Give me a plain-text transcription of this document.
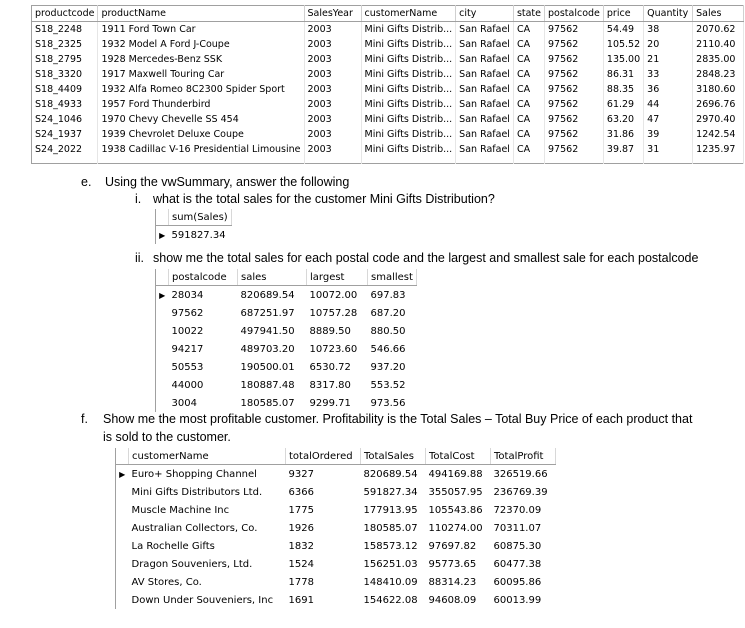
productcode	productName	SalesYear	customerName	city	state	postalcode	price	Quantity	Sales
S18_2248	1911 Ford Town Car	2003	Mini Gifts Distrib...	San Rafael	CA	97562	54.49	38	2070.62
S18_2325	1932 Model A Ford J-Coupe	2003	Mini Gifts Distrib...	San Rafael	CA	97562	105.52	20	2110.40
S18_2795	1928 Mercedes-Benz SSK	2003	Mini Gifts Distrib...	San Rafael	CA	97562	135.00	21	2835.00
S18_3320	1917 Maxwell Touring Car	2003	Mini Gifts Distrib...	San Rafael	CA	97562	86.31	33	2848.23
S18_4409	1932 Alfa Romeo 8C2300 Spider Sport	2003	Mini Gifts Distrib...	San Rafael	CA	97562	88.35	36	3180.60
S18_4933	1957 Ford Thunderbird	2003	Mini Gifts Distrib...	San Rafael	CA	97562	61.29	44	2696.76
S24_1046	1970 Chevy Chevelle SS 454	2003	Mini Gifts Distrib...	San Rafael	CA	97562	63.20	47	2970.40
S24_1937	1939 Chevrolet Deluxe Coupe	2003	Mini Gifts Distrib...	San Rafael	CA	97562	31.86	39	1242.54
S24_2022	1938 Cadillac V-16 Presidential Limousine	2003	Mini Gifts Distrib...	San Rafael	CA	97562	39.87	31	1235.97

e. Using the vwSummary, answer the following
i. what is the total sales for the customer Mini Gifts Distribution?
	sum(Sales)
▶	591827.34
ii. show me the total sales for each postal code and the largest and smallest sale for each postalcode
	postalcode	sales	largest	smallest
▶	28034	820689.54	10072.00	697.83
	97562	687251.97	10757.28	687.20
	10022	497941.50	8889.50	880.50
	94217	489703.20	10723.60	546.66
	50553	190500.01	6530.72	937.20
	44000	180887.48	8317.80	553.52
	3004	180585.07	9299.71	973.56
f. Show me the most profitable customer. Profitability is the Total Sales – Total Buy Price of each product that
is sold to the customer.
	customerName	totalOrdered	TotalSales	TotalCost	TotalProfit
▶	Euro+ Shopping Channel	9327	820689.54	494169.88	326519.66
	Mini Gifts Distributors Ltd.	6366	591827.34	355057.95	236769.39
	Muscle Machine Inc	1775	177913.95	105543.86	72370.09
	Australian Collectors, Co.	1926	180585.07	110274.00	70311.07
	La Rochelle Gifts	1832	158573.12	97697.82	60875.30
	Dragon Souveniers, Ltd.	1524	156251.03	95773.65	60477.38
	AV Stores, Co.	1778	148410.09	88314.23	60095.86
	Down Under Souveniers, Inc	1691	154622.08	94608.09	60013.99
